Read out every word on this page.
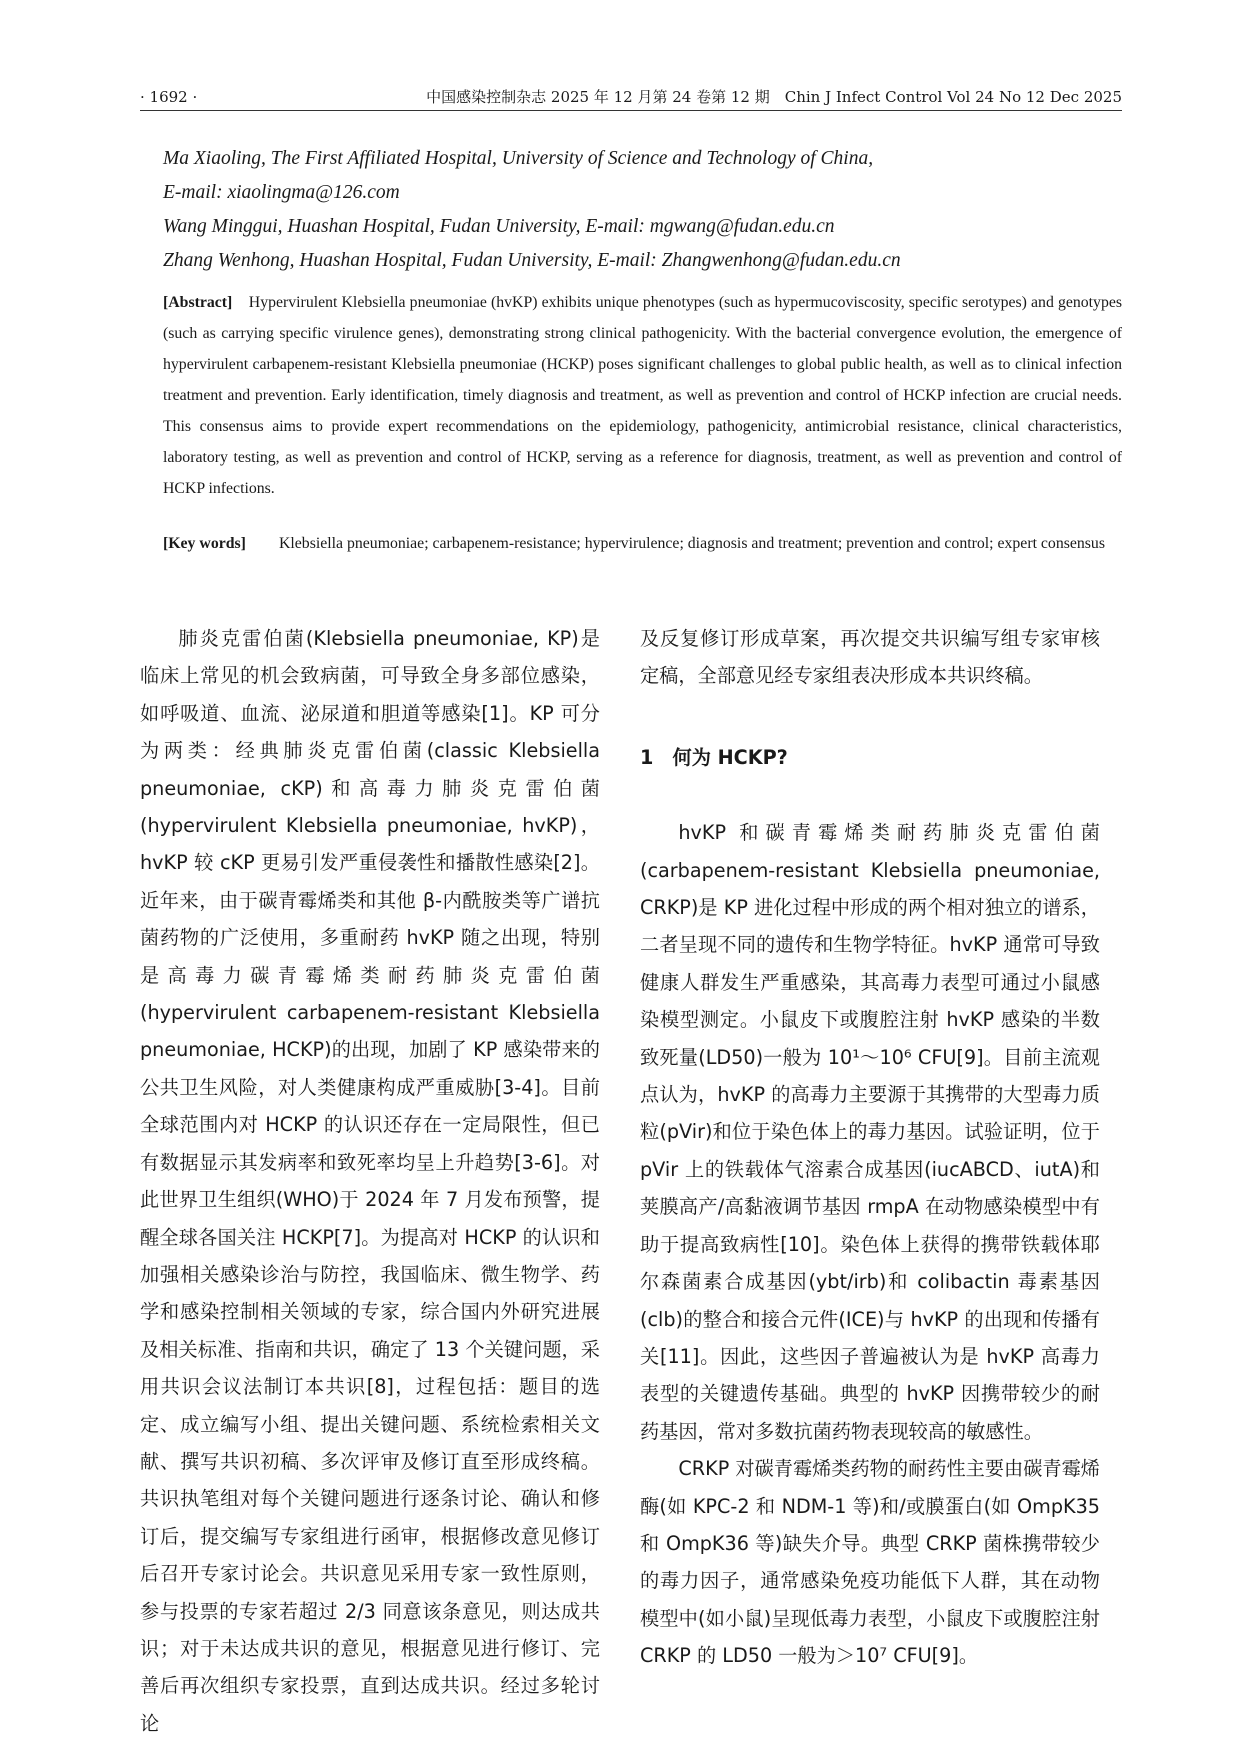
· 1692 ·	中国感染控制杂志 2025 年 12 月第 24 卷第 12 期　Chin J Infect Control Vol 24 No 12 Dec 2025
Ma Xiaoling, The First Affiliated Hospital, University of Science and Technology of China,
E-mail: xiaolingma@126.com
Wang Minggui, Huashan Hospital, Fudan University, E-mail: mgwang@fudan.edu.cn
Zhang Wenhong, Huashan Hospital, Fudan University, E-mail: Zhangwenhong@fudan.edu.cn
[Abstract] Hypervirulent Klebsiella pneumoniae (hvKP) exhibits unique phenotypes (such as hypermucoviscosity, specific serotypes) and genotypes (such as carrying specific virulence genes), demonstrating strong clinical pathogenicity. With the bacterial convergence evolution, the emergence of hypervirulent carbapenem-resistant Klebsiella pneumoniae (HCKP) poses significant challenges to global public health, as well as to clinical infection treatment and prevention. Early identification, timely diagnosis and treatment, as well as prevention and control of HCKP infection are crucial needs. This consensus aims to provide expert recommendations on the epidemiology, pathogenicity, antimicrobial resistance, clinical characteristics, laboratory testing, as well as prevention and control of HCKP, serving as a reference for diagnosis, treatment, as well as prevention and control of HCKP infections.
[Key words] Klebsiella pneumoniae; carbapenem-resistance; hypervirulence; diagnosis and treatment; prevention and control; expert consensus

肺炎克雷伯菌(Klebsiella pneumoniae, KP)是临床上常见的机会致病菌，可导致全身多部位感染，如呼吸道、血流、泌尿道和胆道等感染[1]。KP 可分为两类：经典肺炎克雷伯菌(classic Klebsiella pneumoniae, cKP)和高毒力肺炎克雷伯菌(hypervirulent Klebsiella pneumoniae, hvKP)，hvKP 较 cKP 更易引发严重侵袭性和播散性感染[2]。近年来，由于碳青霉烯类和其他 β-内酰胺类等广谱抗菌药物的广泛使用，多重耐药 hvKP 随之出现，特别是高毒力碳青霉烯类耐药肺炎克雷伯菌(hypervirulent carbapenem-resistant Klebsiella pneumoniae, HCKP)的出现，加剧了 KP 感染带来的公共卫生风险，对人类健康构成严重威胁[3-4]。目前全球范围内对 HCKP 的认识还存在一定局限性，但已有数据显示其发病率和致死率均呈上升趋势[3-6]。对此世界卫生组织(WHO)于 2024 年 7 月发布预警，提醒全球各国关注 HCKP[7]。为提高对 HCKP 的认识和加强相关感染诊治与防控，我国临床、微生物学、药学和感染控制相关领域的专家，综合国内外研究进展及相关标准、指南和共识，确定了 13 个关键问题，采用共识会议法制订本共识[8]，过程包括：题目的选定、成立编写小组、提出关键问题、系统检索相关文献、撰写共识初稿、多次评审及修订直至形成终稿。共识执笔组对每个关键问题进行逐条讨论、确认和修订后，提交编写专家组进行函审，根据修改意见修订后召开专家讨论会。共识意见采用专家一致性原则，参与投票的专家若超过 2/3 同意该条意见，则达成共识；对于未达成共识的意见，根据意见进行修订、完善后再次组织专家投票，直到达成共识。经过多轮讨论

及反复修订形成草案，再次提交共识编写组专家审核定稿，全部意见经专家组表决形成本共识终稿。

1　何为 HCKP?

hvKP 和碳青霉烯类耐药肺炎克雷伯菌(carbapenem-resistant Klebsiella pneumoniae, CRKP)是 KP 进化过程中形成的两个相对独立的谱系，二者呈现不同的遗传和生物学特征。hvKP 通常可导致健康人群发生严重感染，其高毒力表型可通过小鼠感染模型测定。小鼠皮下或腹腔注射 hvKP 感染的半数致死量(LD50)一般为 10¹～10⁶ CFU[9]。目前主流观点认为，hvKP 的高毒力主要源于其携带的大型毒力质粒(pVir)和位于染色体上的毒力基因。试验证明，位于 pVir 上的铁载体气溶素合成基因(iucABCD、iutA)和荚膜高产/高黏液调节基因 rmpA 在动物感染模型中有助于提高致病性[10]。染色体上获得的携带铁载体耶尔森菌素合成基因(ybt/irb)和 colibactin 毒素基因(clb)的整合和接合元件(ICE)与 hvKP 的出现和传播有关[11]。因此，这些因子普遍被认为是 hvKP 高毒力表型的关键遗传基础。典型的 hvKP 因携带较少的耐药基因，常对多数抗菌药物表现较高的敏感性。

CRKP 对碳青霉烯类药物的耐药性主要由碳青霉烯酶(如 KPC-2 和 NDM-1 等)和/或膜蛋白(如 OmpK35 和 OmpK36 等)缺失介导。典型 CRKP 菌株携带较少的毒力因子，通常感染免疫功能低下人群，其在动物模型中(如小鼠)呈现低毒力表型，小鼠皮下或腹腔注射 CRKP 的 LD50 一般为＞10⁷ CFU[9]。
